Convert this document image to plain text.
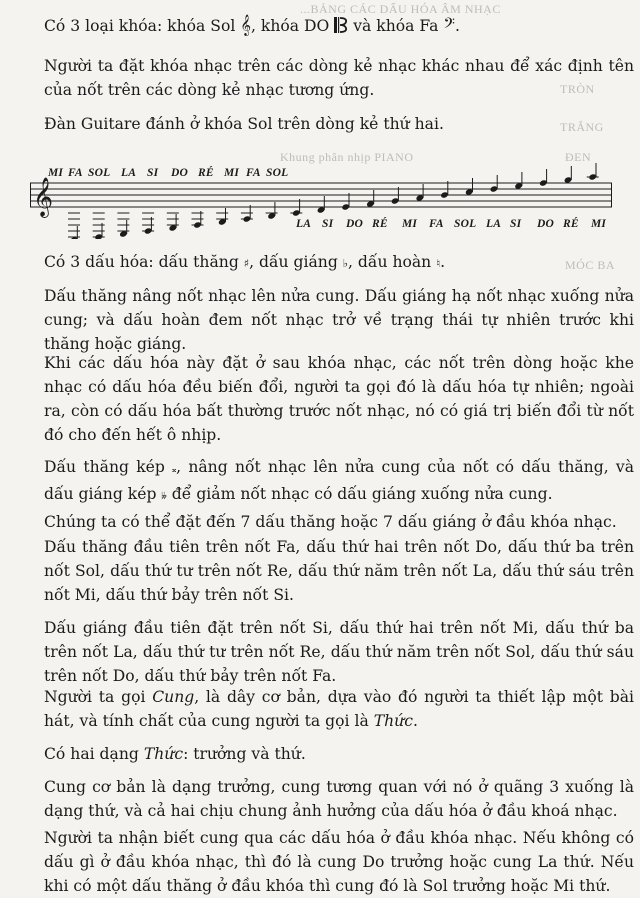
...BẢNG CÁC DẤU HÓA ÂM NHẠC
TRÒN
TRẮNG
Khung phân nhịp PIANO	ĐEN
MÓC BA
Có 3 loại khóa: khóa Sol 𝄞, khóa DO  và khóa Fa 𝄢.
Người ta đặt khóa nhạc trên các dòng kẻ nhạc khác nhau để xác định tên của nốt trên các dòng kẻ nhạc tương ứng.
Đàn Guitare đánh ở khóa Sol trên dòng kẻ thứ hai.
𝄞
MI FA SOL LA SI DO RÉ MI FA SOL
LA SI DO RÉ MI FA SOL LA SI DO RÉ MI
Có 3 dấu hóa: dấu thăng ♯, dấu giáng ♭, dấu hoàn ♮.
Dấu thăng nâng nốt nhạc lên nửa cung. Dấu giáng hạ nốt nhạc xuống nửa cung; và dấu hoàn đem nốt nhạc trở về trạng thái tự nhiên trước khi thăng hoặc giáng.
Khi các dấu hóa này đặt ở sau khóa nhạc, các nốt trên dòng hoặc khe nhạc có dấu hóa đều biến đổi, người ta gọi đó là dấu hóa tự nhiên; ngoài ra, còn có dấu hóa bất thường trước nốt nhạc, nó có giá trị biến đổi từ nốt đó cho đến hết ô nhịp.
Dấu thăng kép 𝄪, nâng nốt nhạc lên nửa cung của nốt có dấu thăng, và dấu giáng kép 𝄫 để giảm nốt nhạc có dấu giáng xuống nửa cung.
Chúng ta có thể đặt đến 7 dấu thăng hoặc 7 dấu giáng ở đầu khóa nhạc.
Dấu thăng đầu tiên trên nốt Fa, dấu thứ hai trên nốt Do, dấu thứ ba trên nốt Sol, dấu thứ tư trên nốt Re, dấu thứ năm trên nốt La, dấu thứ sáu trên nốt Mi, dấu thứ bảy trên nốt Si.
Dấu giáng đầu tiên đặt trên nốt Si, dấu thứ hai trên nốt Mi, dấu thứ ba trên nốt La, dấu thứ tư trên nốt Re, dấu thứ năm trên nốt Sol, dấu thứ sáu trên nốt Do, dấu thứ bảy trên nốt Fa.
Người ta gọi Cung, là dây cơ bản, dựa vào đó người ta thiết lập một bài hát, và tính chất của cung người ta gọi là Thức.
Có hai dạng Thức: trưởng và thứ.
Cung cơ bản là dạng trưởng, cung tương quan với nó ở quãng 3 xuống là dạng thứ, và cả hai chịu chung ảnh hưởng của dấu hóa ở đầu khoá nhạc.
Người ta nhận biết cung qua các dấu hóa ở đầu khóa nhạc. Nếu không có dấu gì ở đầu khóa nhạc, thì đó là cung Do trưởng hoặc cung La thứ. Nếu khi có một dấu thăng ở đầu khóa thì cung đó là Sol trưởng hoặc Mi thứ.
